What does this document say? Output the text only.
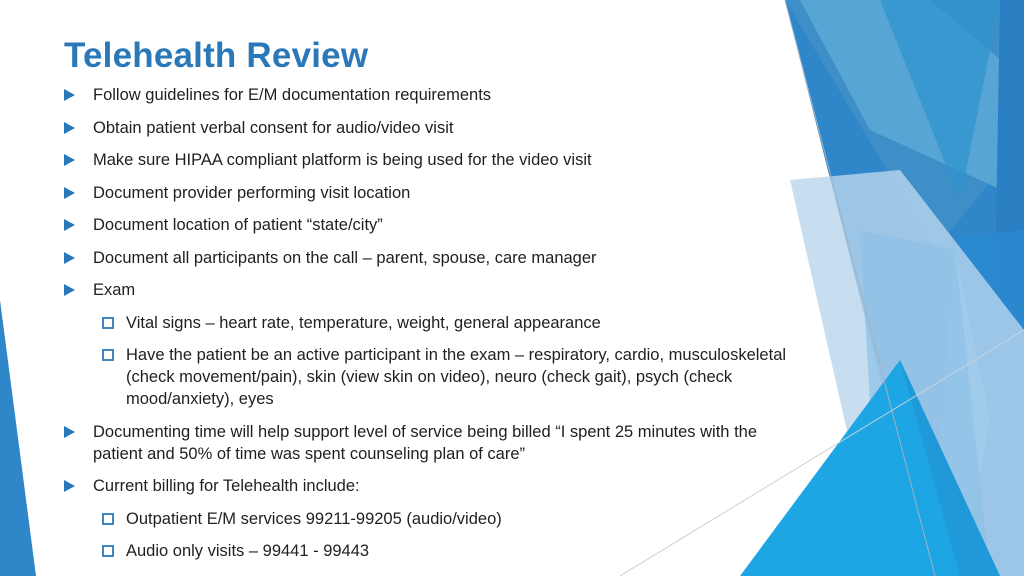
Telehealth Review
Follow guidelines for E/M documentation requirements
Obtain patient verbal consent for audio/video visit
Make sure HIPAA compliant platform is being used for the video visit
Document provider performing visit location
Document location of patient “state/city”
Document all participants on the call – parent, spouse, care manager
Exam
Vital signs – heart rate, temperature, weight, general appearance
Have the patient be an active participant in the exam – respiratory, cardio, musculoskeletal (check movement/pain), skin (view skin on video), neuro (check gait), psych (check mood/anxiety), eyes
Documenting time will help support level of service being billed “I spent 25 minutes with the patient and 50% of time was spent counseling plan of care”
Current billing for Telehealth include:
Outpatient E/M services 99211-99205 (audio/video)
Audio only visits – 99441 - 99443
